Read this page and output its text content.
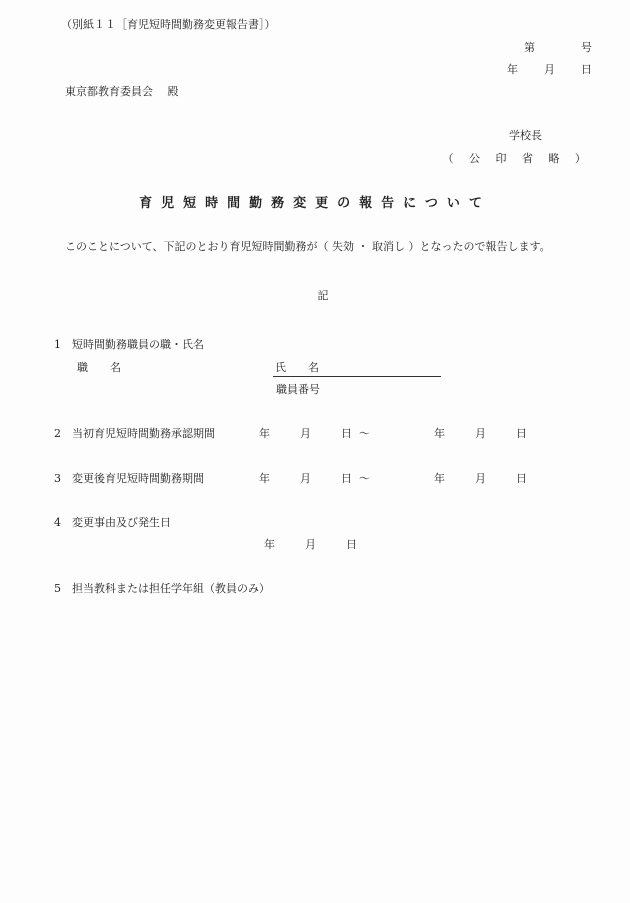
（別紙１１［育児短時間勤務変更報告書］）
第	号
年 月 日
東京都教育委員会　 殿
学校長
（ 公 印 省 略 ）
育児短時間勤務変更の報告について
このことについて、下記のとおり育児短時間勤務が（ 失効 ・ 取消し ）となったので報告します。
記
1 短時間勤務職員の職・氏名
職　　名	氏　　名
職員番号
2 当初育児短時間勤務承認期間	年	月	日 〜	年	月	日
3 変更後育児短時間勤務期間	年	月	日 〜	年	月	日
4 変更事由及び発生日
年	月	日
5 担当教科または担任学年組（教員のみ）
